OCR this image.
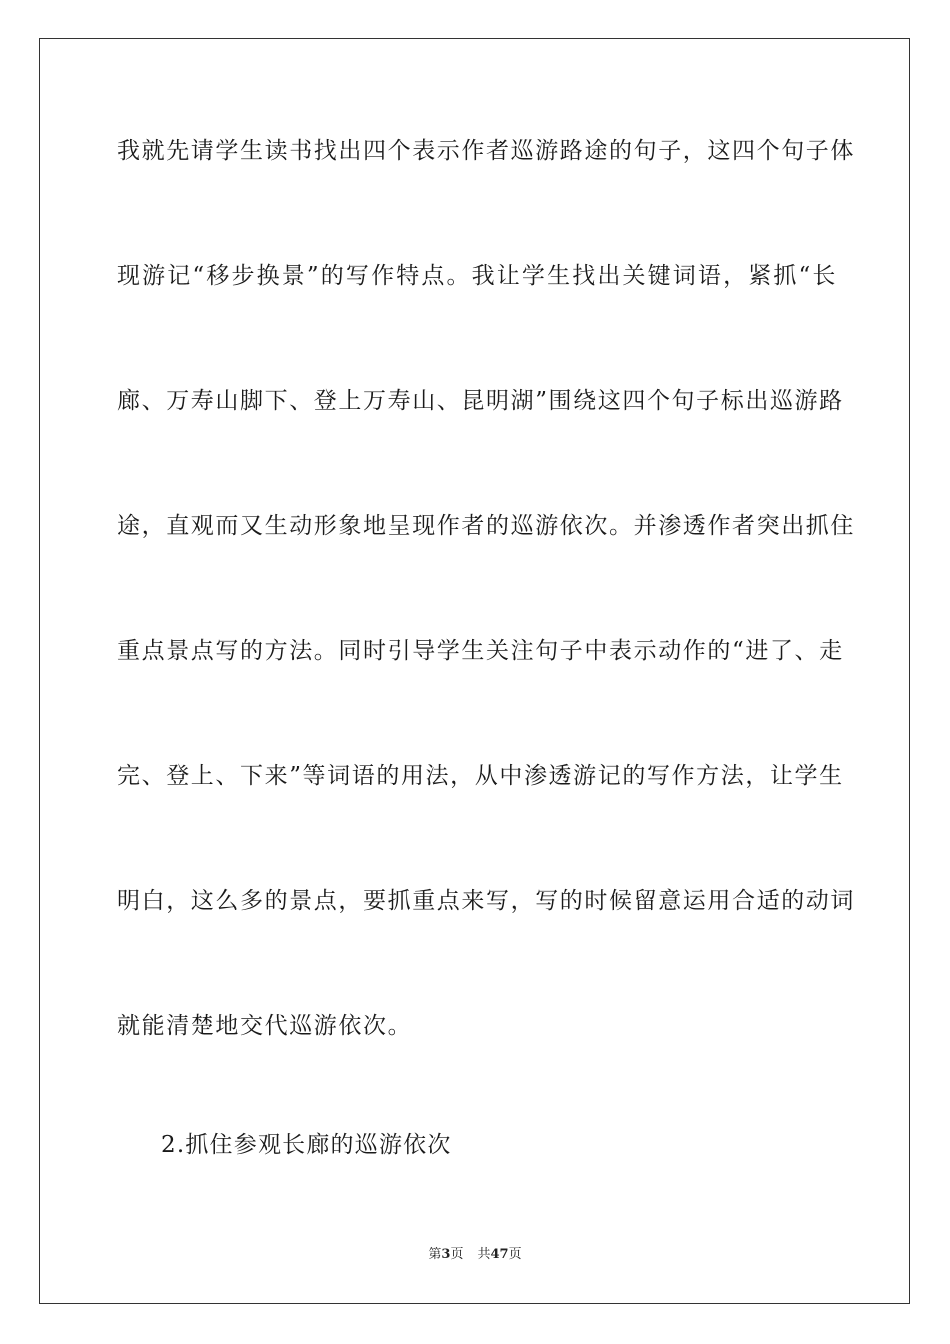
我就先请学生读书找出四个表示作者巡游路途的句子，这四个句子体
现游记“移步换景”的写作特点。我让学生找出关键词语，紧抓“长
廊、万寿山脚下、登上万寿山、昆明湖”围绕这四个句子标出巡游路
途，直观而又生动形象地呈现作者的巡游依次。并渗透作者突出抓住
重点景点写的方法。同时引导学生关注句子中表示动作的“进了、走
完、登上、下来”等词语的用法，从中渗透游记的写作方法，让学生
明白，这么多的景点，要抓重点来写，写的时候留意运用合适的动词
就能清楚地交代巡游依次。
2.抓住参观长廊的巡游依次
第3页 共47页
